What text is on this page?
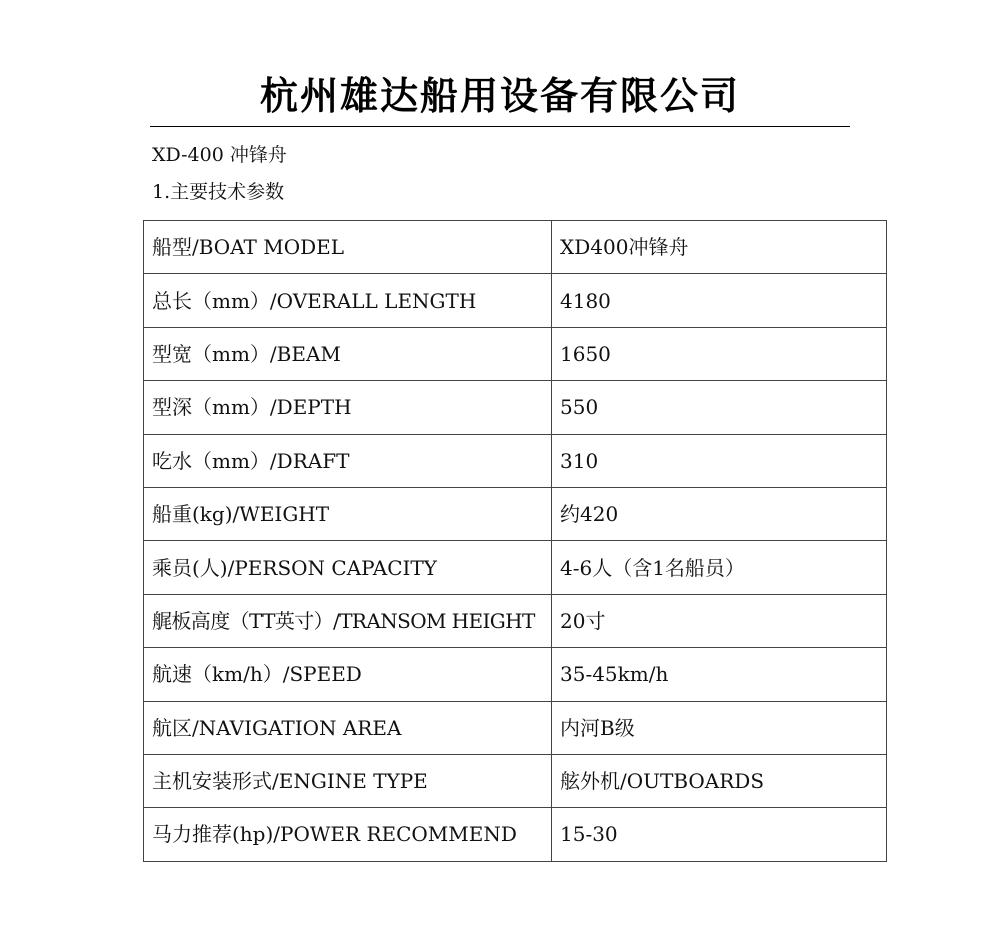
杭州雄达船用设备有限公司
XD-400 冲锋舟
1.主要技术参数
船型/BOAT MODEL	XD400冲锋舟
总长（mm）/OVERALL LENGTH	4180
型宽（mm）/BEAM	1650
型深（mm）/DEPTH	550
吃水（mm）/DRAFT	310
船重(kg)/WEIGHT	约420
乘员(人)/PERSON CAPACITY	4-6人（含1名船员）
艉板高度（TT英寸）/TRANSOM HEIGHT	20寸
航速（km/h）/SPEED	35-45km/h
航区/NAVIGATION AREA	内河B级
主机安装形式/ENGINE TYPE	舷外机/OUTBOARDS
马力推荐(hp)/POWER RECOMMEND	15-30
